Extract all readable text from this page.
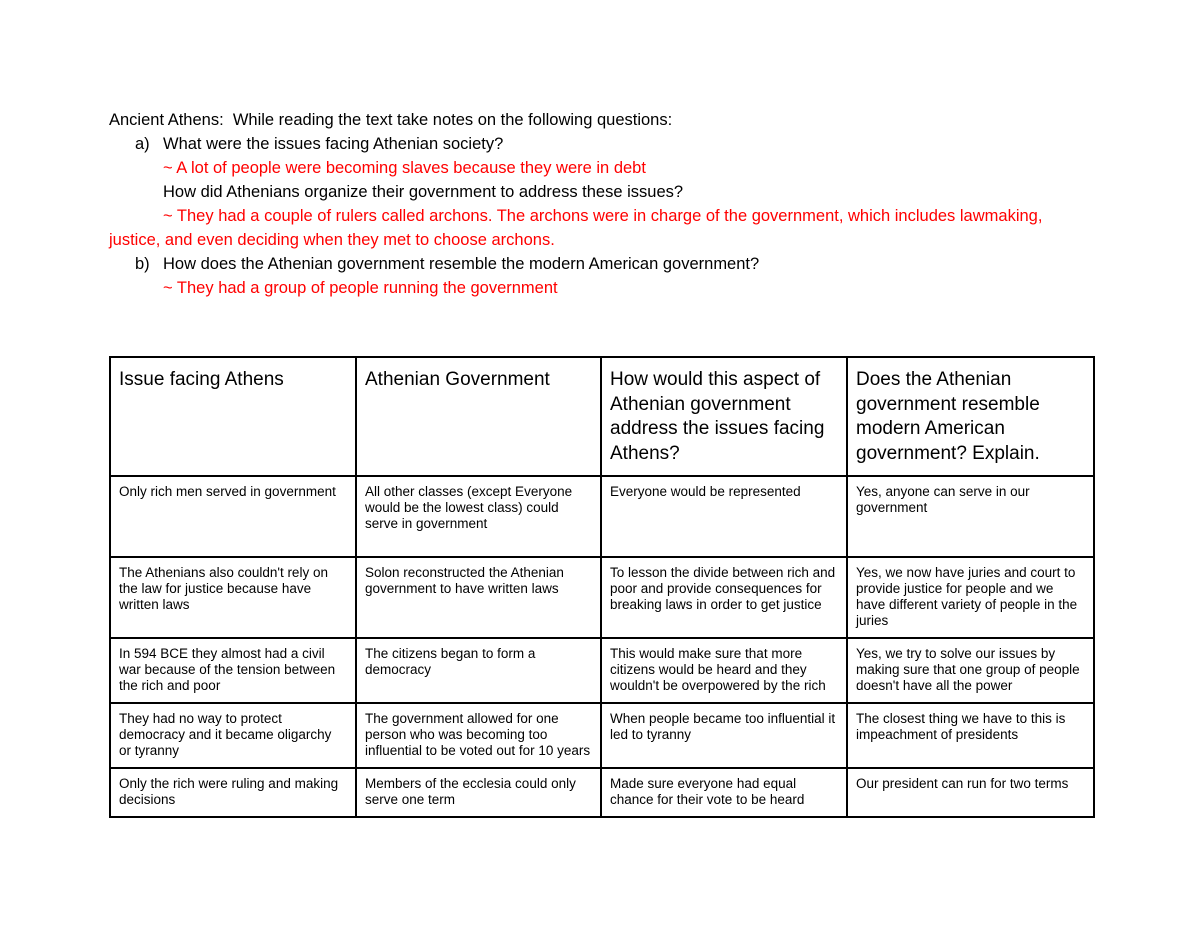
Ancient Athens:  While reading the text take notes on the following questions:
a) What were the issues facing Athenian society?
~ A lot of people were becoming slaves because they were in debt
How did Athenians organize their government to address these issues?
~ They had a couple of rulers called archons. The archons were in charge of the government, which includes lawmaking, justice, and even deciding when they met to choose archons.
b) How does the Athenian government resemble the modern American government?
~ They had a group of people running the government
Issue facing Athens	Athenian Government	How would this aspect of Athenian government address the issues facing Athens?	Does the Athenian government resemble modern American government? Explain.
Only rich men served in government	All other classes (except Everyone would be the lowest class) could serve in government	Everyone would be represented	Yes, anyone can serve in our government
The Athenians also couldn't rely on the law for justice because have written laws	Solon reconstructed the Athenian government to have written laws	To lesson the divide between rich and poor and provide consequences for breaking laws in order to get justice	Yes, we now have juries and court to provide justice for people and we have different variety of people in the juries
In 594 BCE they almost had a civil war because of the tension between the rich and poor	The citizens began to form a democracy	This would make sure that more citizens would be heard and they wouldn't be overpowered by the rich	Yes, we try to solve our issues by making sure that one group of people doesn't have all the power
They had no way to protect democracy and it became oligarchy or tyranny	The government allowed for one person who was becoming too influential to be voted out for 10 years	When people became too influential it led to tyranny	The closest thing we have to this is impeachment of presidents
Only the rich were ruling and making decisions	Members of the ecclesia could only serve one term	Made sure everyone had equal chance for their vote to be heard	Our president can run for two terms
